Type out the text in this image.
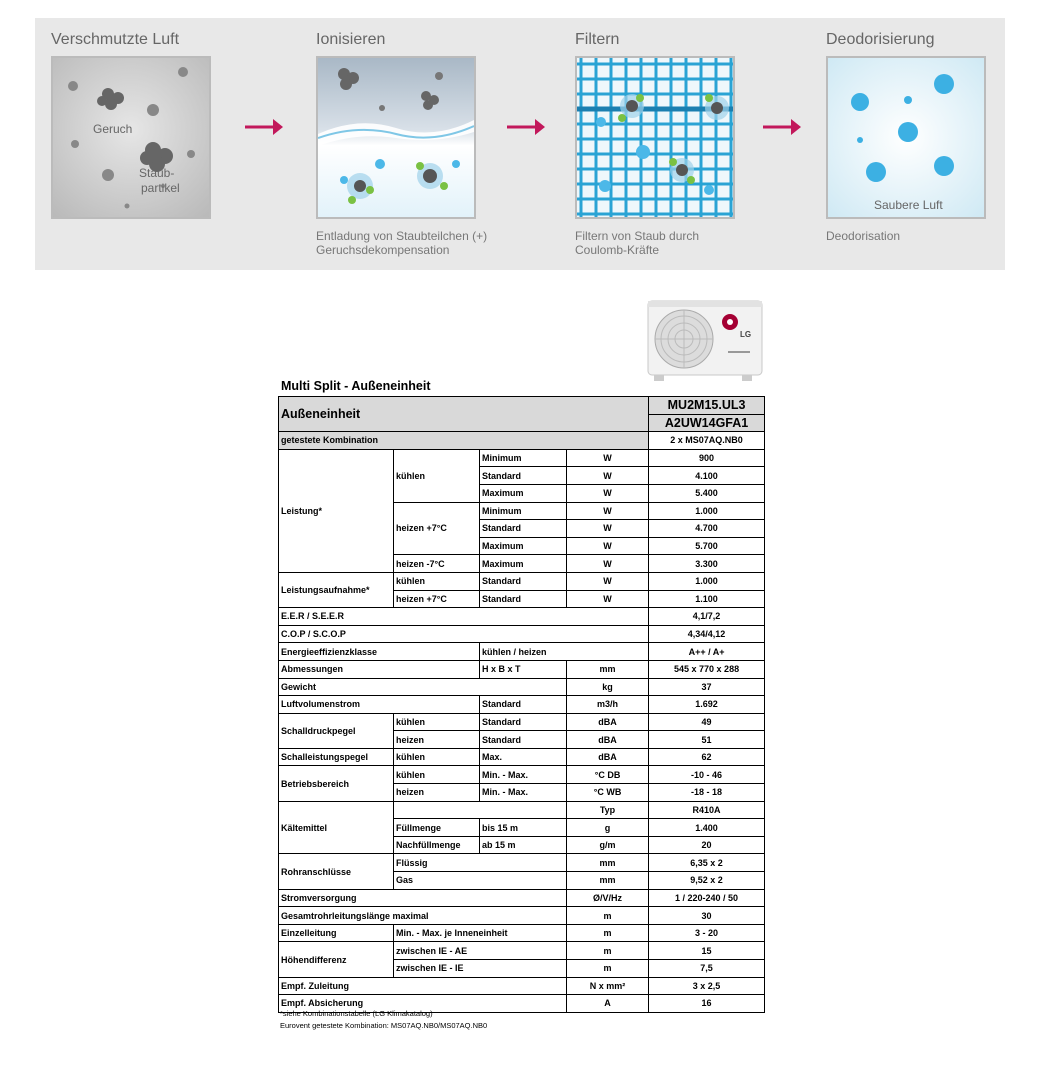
Verschmutzte Luft
Geruch
Staub-
partikel
Ionisieren
Entladung von Staubteilchen (+)
Geruchsdekompensation
Filtern
Filtern von Staub durch
Coulomb-Kräfte
Deodorisierung
Saubere Luft
Deodorisation
LG
Multi Split - Außeneinheit
Außeneinheit				MU2M15.UL3
				A2UW14GFA1
getestete Kombination				2 x MS07AQ.NB0
Leistung*	kühlen	Minimum	W	900
		Standard	W	4.100
		Maximum	W	5.400
	heizen +7°C	Minimum	W	1.000
		Standard	W	4.700
		Maximum	W	5.700
	heizen -7°C	Maximum	W	3.300
Leistungsaufnahme*	kühlen	Standard	W	1.000
	heizen +7°C	Standard	W	1.100
E.E.R / S.E.E.R				4,1/7,2
C.O.P / S.C.O.P				4,34/4,12
Energieeffizienzklasse		kühlen / heizen		A++ / A+
Abmessungen		H x B x T	mm	545 x 770 x 288
Gewicht			kg	37
Luftvolumenstrom		Standard	m3/h	1.692
Schalldruckpegel	kühlen	Standard	dBA	49
	heizen	Standard	dBA	51
Schalleistungspegel	kühlen	Max.	dBA	62
Betriebsbereich	kühlen	Min. - Max.	°C DB	-10 - 46
	heizen	Min. - Max.	°C WB	-18 - 18
Kältemittel			Typ	R410A
	Füllmenge	bis 15 m	g	1.400
	Nachfüllmenge	ab 15 m	g/m	20
Rohranschlüsse	Flüssig		mm	6,35 x 2
	Gas		mm	9,52 x 2
Stromversorgung			Ø/V/Hz	1 / 220-240 / 50
Gesamtrohrleitungslänge maximal			m	30
Einzelleitung	Min. - Max. je Inneneinheit		m	3 - 20
Höhendifferenz	zwischen IE - AE		m	15
	zwischen IE - IE		m	7,5
Empf. Zuleitung			N x mm²	3 x 2,5
Empf. Absicherung			A	16
*siehe Kombinationstabelle (LG Klimakatalog)
Eurovent getestete Kombination: MS07AQ.NB0/MS07AQ.NB0
